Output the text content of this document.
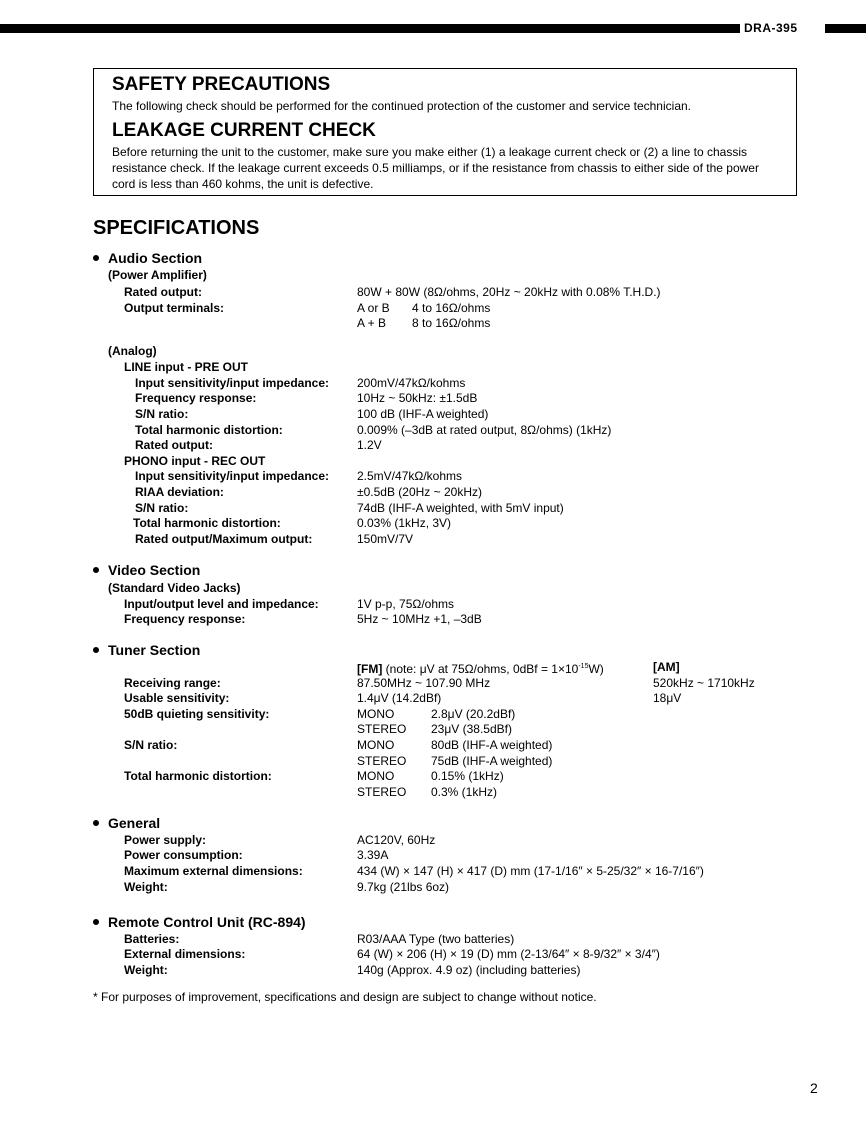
DRA-395
SAFETY PRECAUTIONS

The following check should be performed for the continued protection of the customer and service technician.

LEAKAGE CURRENT CHECK

Before returning the unit to the customer, make sure you make either (1) a leakage current check or (2) a line to chassis resistance check. If the leakage current exceeds 0.5 milliamps, or if the resistance from chassis to either side of the power cord is less than 460 kohms, the unit is defective.

SPECIFICATIONS
Audio Section
(Power Amplifier)
Rated output:	80W + 80W (8Ω/ohms, 20Hz ~ 20kHz with 0.08% T.H.D.)
Output terminals:	A or B 4 to 16Ω/ohms
A + B 8 to 16Ω/ohms
(Analog)
LINE input - PRE OUT
Input sensitivity/input impedance: 200mV/47kΩ/kohms
Frequency response:	10Hz ~ 50kHz: ±1.5dB
S/N ratio:	100 dB (IHF-A weighted)
Total harmonic distortion:	0.009% (–3dB at rated output, 8Ω/ohms) (1kHz)
Rated output:	1.2V
PHONO input - REC OUT
Input sensitivity/input impedance: 2.5mV/47kΩ/kohms
RIAA deviation:	±0.5dB (20Hz ~ 20kHz)
S/N ratio:	74dB (IHF-A weighted, with 5mV input)
Total harmonic distortion:	0.03% (1kHz, 3V)
Rated output/Maximum output:	150mV/7V
Video Section
(Standard Video Jacks)
Input/output level and impedance:	1V p-p, 75Ω/ohms
Frequency response:	5Hz ~ 10MHz +1, –3dB
Tuner Section
[FM] (note: μV at 75Ω/ohms, $0dBf = 1\times 10^{-15}W$)	[AM]
Receiving range:	87.50MHz ~ 107.90 MHz	520kHz ~ 1710kHz
Usable sensitivity:	1.4μV (14.2dBf)	18μV
50dB quieting sensitivity:	MONO	2.8μV (20.2dBf)
STEREO 23μV (38.5dBf)
S/N ratio:	MONO	80dB (IHF-A weighted)
STEREO 75dB (IHF-A weighted)
Total harmonic distortion:	MONO	0.15% (1kHz)
STEREO 0.3% (1kHz)
General
Power supply:	AC120V, 60Hz
Power consumption:	3.39A
Maximum external dimensions:	434 (W) × 147 (H) × 417 (D) mm (17-1/16″ × 5-25/32″ × 16-7/16″)
Weight:	9.7kg (21lbs 6oz)
Remote Control Unit (RC-894)
Batteries:	R03/AAA Type (two batteries)
External dimensions:	64 (W) × 206 (H) × 19 (D) mm (2-13/64″ × 8-9/32″ × 3/4″)
Weight:	140g (Approx. 4.9 oz) (including batteries)
* For purposes of improvement, specifications and design are subject to change without notice.
2
